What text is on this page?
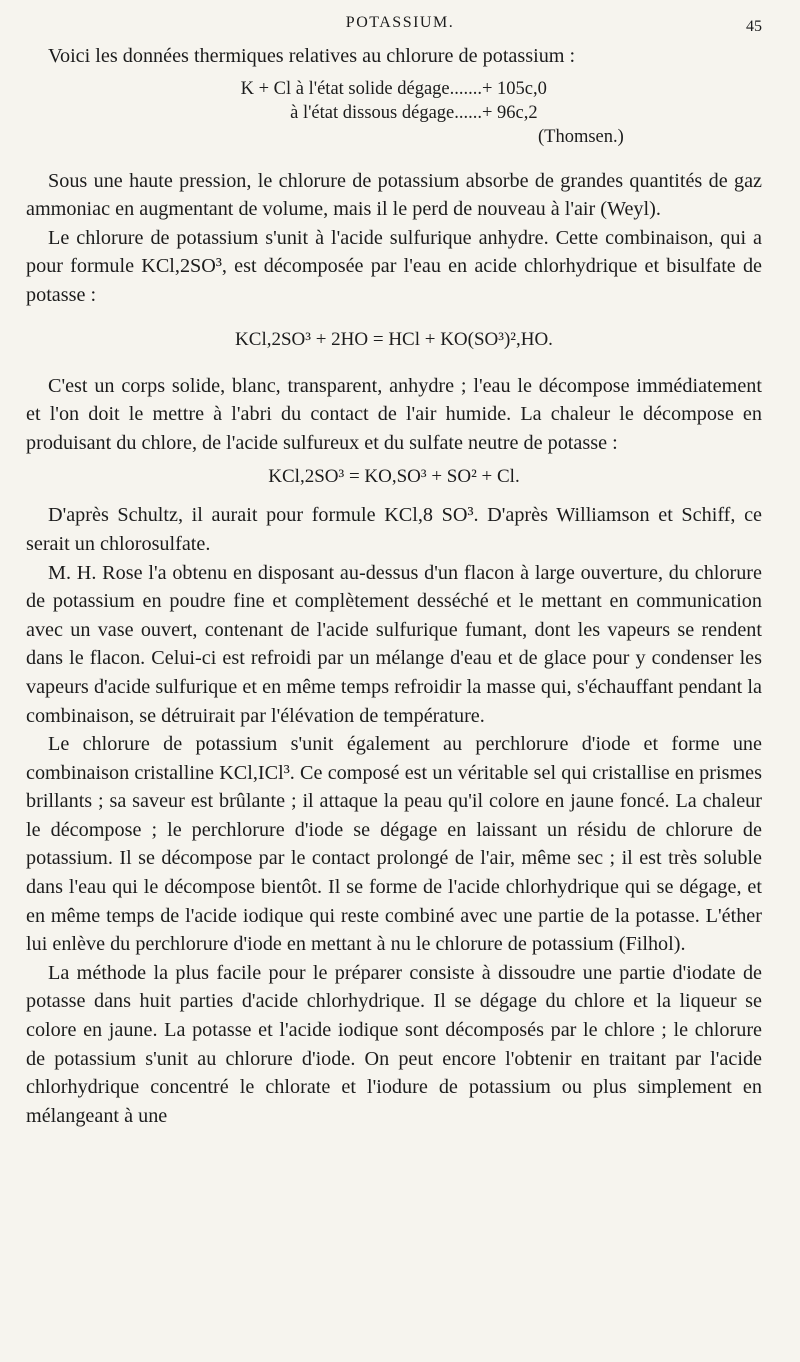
POTASSIUM.	45

Voici les données thermiques relatives au chlorure de potassium :

K + Cl à l'état solide dégage....... + 105c,0
à l'état dissous dégage...... + 96c,2
(Thomsen.)

Sous une haute pression, le chlorure de potassium absorbe de grandes quantités de gaz ammoniac en augmentant de volume, mais il le perd de nouveau à l'air (Weyl).

Le chlorure de potassium s'unit à l'acide sulfurique anhydre. Cette combinaison, qui a pour formule KCl,2SO³, est décomposée par l'eau en acide chlorhydrique et bisulfate de potasse :

KCl,2SO³ + 2HO = HCl + KO(SO³)²,HO.

C'est un corps solide, blanc, transparent, anhydre ; l'eau le décompose immédiatement et l'on doit le mettre à l'abri du contact de l'air humide. La chaleur le décompose en produisant du chlore, de l'acide sulfureux et du sulfate neutre de potasse :

KCl,2SO³ = KO,SO³ + SO² + Cl.

D'après Schultz, il aurait pour formule KCl,8 SO³. D'après Williamson et Schiff, ce serait un chlorosulfate.

M. H. Rose l'a obtenu en disposant au-dessus d'un flacon à large ouverture, du chlorure de potassium en poudre fine et complètement desséché et le mettant en communication avec un vase ouvert, contenant de l'acide sulfurique fumant, dont les vapeurs se rendent dans le flacon. Celui-ci est refroidi par un mélange d'eau et de glace pour y condenser les vapeurs d'acide sulfurique et en même temps refroidir la masse qui, s'échauffant pendant la combinaison, se détruirait par l'élévation de température.

Le chlorure de potassium s'unit également au perchlorure d'iode et forme une combinaison cristalline KCl,ICl³. Ce composé est un véritable sel qui cristallise en prismes brillants ; sa saveur est brûlante ; il attaque la peau qu'il colore en jaune foncé. La chaleur le décompose ; le perchlorure d'iode se dégage en laissant un résidu de chlorure de potassium. Il se décompose par le contact prolongé de l'air, même sec ; il est très soluble dans l'eau qui le décompose bientôt. Il se forme de l'acide chlorhydrique qui se dégage, et en même temps de l'acide iodique qui reste combiné avec une partie de la potasse. L'éther lui enlève du perchlorure d'iode en mettant à nu le chlorure de potassium (Filhol).

La méthode la plus facile pour le préparer consiste à dissoudre une partie d'iodate de potasse dans huit parties d'acide chlorhydrique. Il se dégage du chlore et la liqueur se colore en jaune. La potasse et l'acide iodique sont décomposés par le chlore ; le chlorure de potassium s'unit au chlorure d'iode. On peut encore l'obtenir en traitant par l'acide chlorhydrique concentré le chlorate et l'iodure de potassium ou plus simplement en mélangeant à une
